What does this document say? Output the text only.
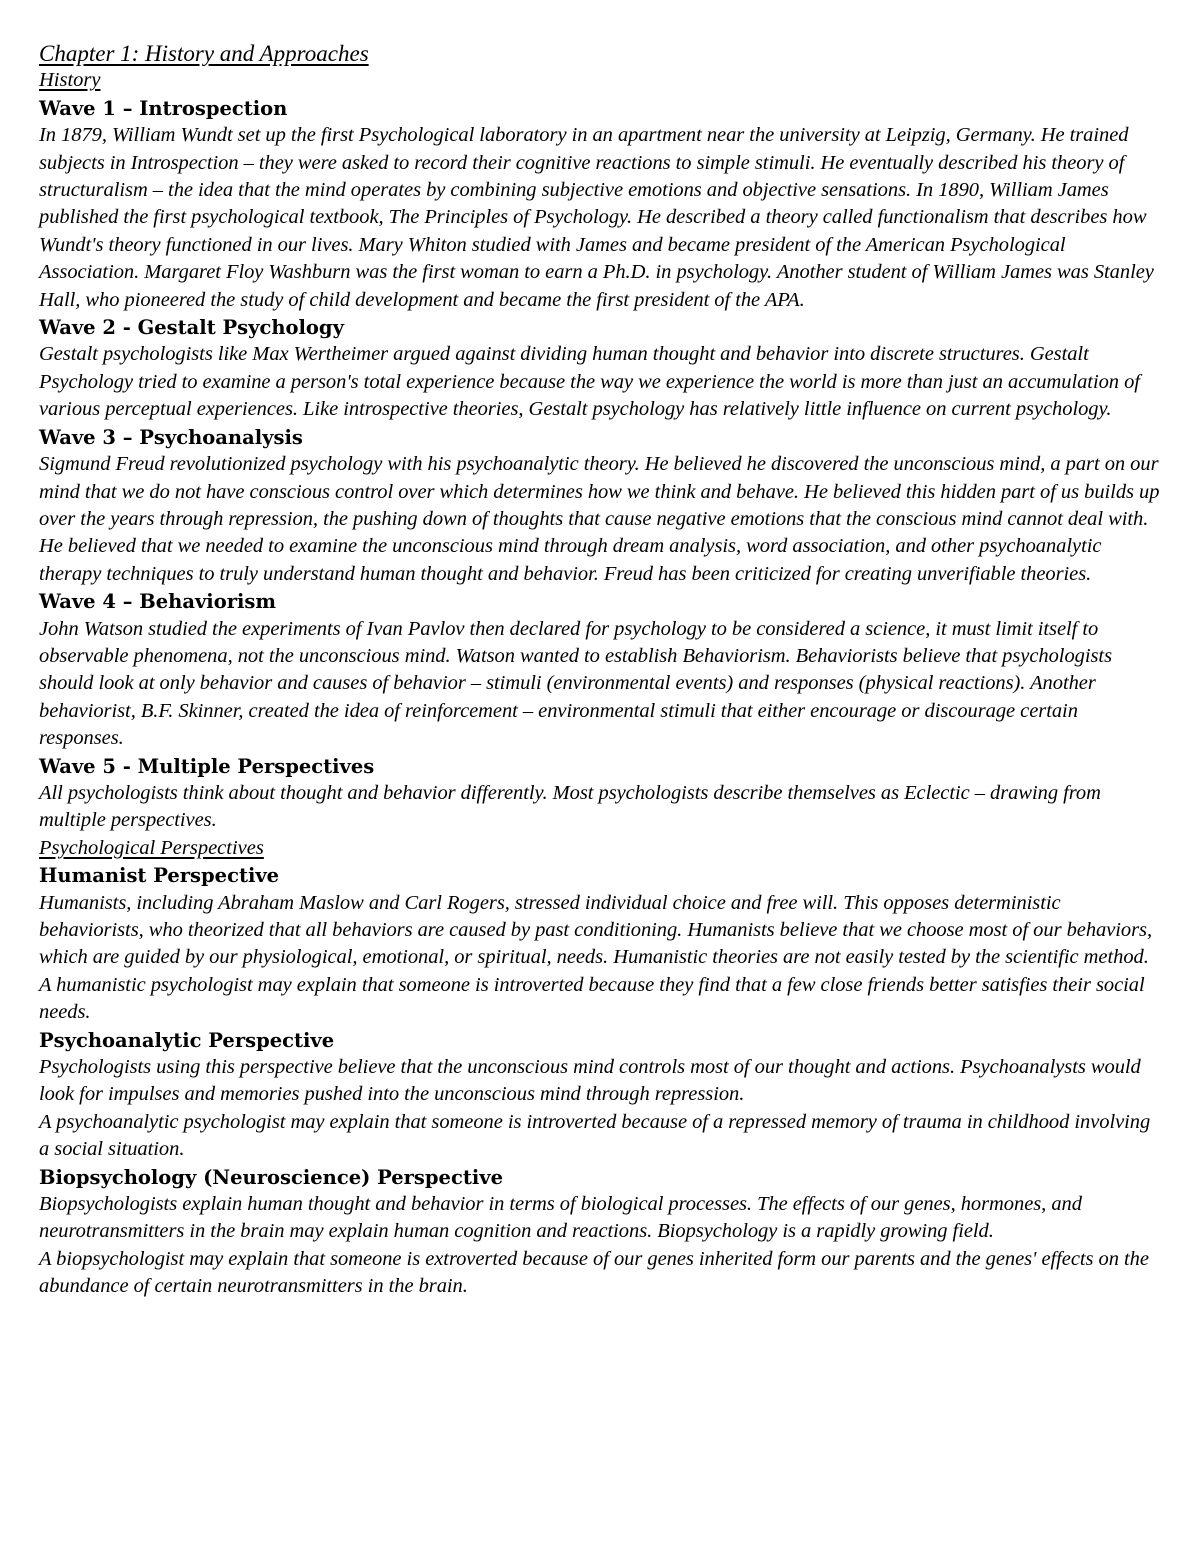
Chapter 1: History and Approaches
History
Wave 1 – Introspection
In 1879, William Wundt set up the first Psychological laboratory in an apartment near the university at Leipzig, Germany. He trained subjects in Introspection – they were asked to record their cognitive reactions to simple stimuli. He eventually described his theory of structuralism – the idea that the mind operates by combining subjective emotions and objective sensations. In 1890, William James published the first psychological textbook, The Principles of Psychology. He described a theory called functionalism that describes how Wundt's theory functioned in our lives. Mary Whiton studied with James and became president of the American Psychological Association. Margaret Floy Washburn was the first woman to earn a Ph.D. in psychology. Another student of William James was Stanley Hall, who pioneered the study of child development and became the first president of the APA.
Wave 2 - Gestalt Psychology
Gestalt psychologists like Max Wertheimer argued against dividing human thought and behavior into discrete structures. Gestalt Psychology tried to examine a person's total experience because the way we experience the world is more than just an accumulation of various perceptual experiences. Like introspective theories, Gestalt psychology has relatively little influence on current psychology.
Wave 3 – Psychoanalysis
Sigmund Freud revolutionized psychology with his psychoanalytic theory. He believed he discovered the unconscious mind, a part on our mind that we do not have conscious control over which determines how we think and behave. He believed this hidden part of us builds up over the years through repression, the pushing down of thoughts that cause negative emotions that the conscious mind cannot deal with. He believed that we needed to examine the unconscious mind through dream analysis, word association, and other psychoanalytic therapy techniques to truly understand human thought and behavior. Freud has been criticized for creating unverifiable theories.
Wave 4 – Behaviorism
John Watson studied the experiments of Ivan Pavlov then declared for psychology to be considered a science, it must limit itself to observable phenomena, not the unconscious mind. Watson wanted to establish Behaviorism. Behaviorists believe that psychologists should look at only behavior and causes of behavior – stimuli (environmental events) and responses (physical reactions). Another behaviorist, B.F. Skinner, created the idea of reinforcement – environmental stimuli that either encourage or discourage certain responses.
Wave 5 - Multiple Perspectives
All psychologists think about thought and behavior differently. Most psychologists describe themselves as Eclectic – drawing from multiple perspectives.
Psychological Perspectives
Humanist Perspective
Humanists, including Abraham Maslow and Carl Rogers, stressed individual choice and free will. This opposes deterministic behaviorists, who theorized that all behaviors are caused by past conditioning. Humanists believe that we choose most of our behaviors, which are guided by our physiological, emotional, or spiritual, needs. Humanistic theories are not easily tested by the scientific method.
A humanistic psychologist may explain that someone is introverted because they find that a few close friends better satisfies their social needs.
Psychoanalytic Perspective
Psychologists using this perspective believe that the unconscious mind controls most of our thought and actions. Psychoanalysts would look for impulses and memories pushed into the unconscious mind through repression.
A psychoanalytic psychologist may explain that someone is introverted because of a repressed memory of trauma in childhood involving a social situation.
Biopsychology (Neuroscience) Perspective
Biopsychologists explain human thought and behavior in terms of biological processes. The effects of our genes, hormones, and neurotransmitters in the brain may explain human cognition and reactions. Biopsychology is a rapidly growing field.
A biopsychologist may explain that someone is extroverted because of our genes inherited form our parents and the genes' effects on the abundance of certain neurotransmitters in the brain.
